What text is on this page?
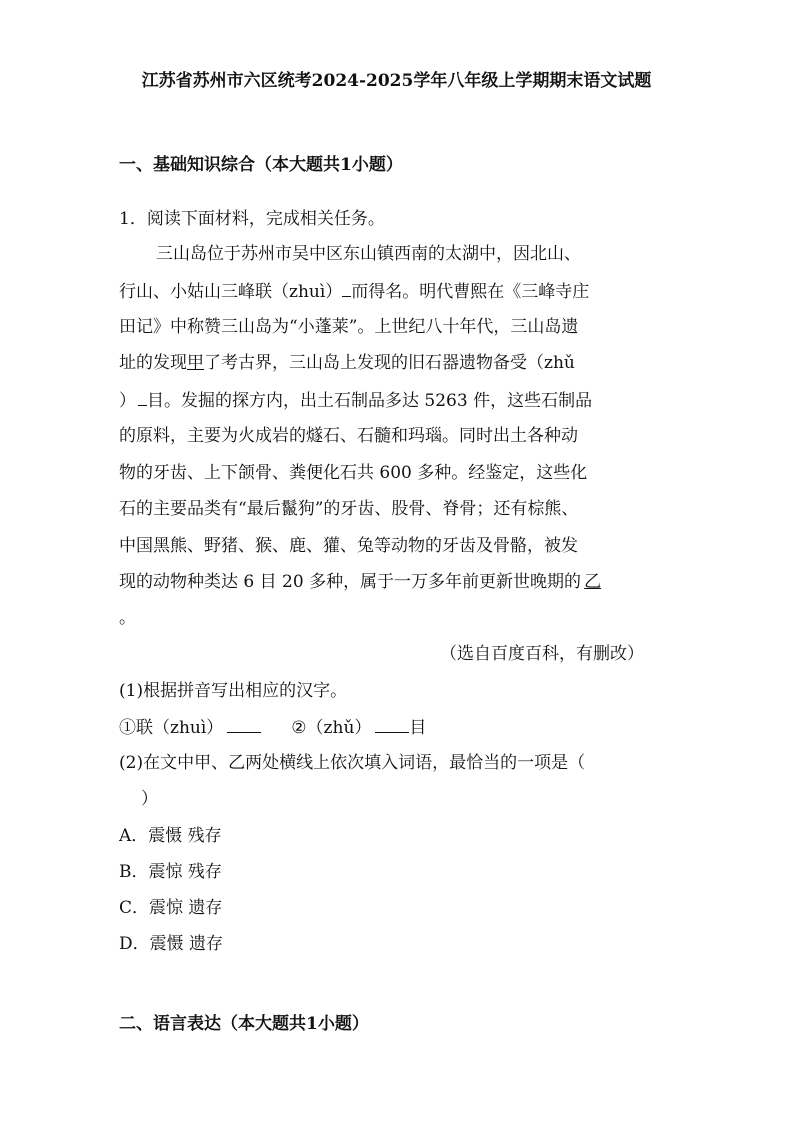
江苏省苏州市六区统考2024-2025学年八年级上学期期末语文试题
一、基础知识综合（本大题共1小题）
1．阅读下面材料，完成相关任务。
三山岛位于苏州市吴中区东山镇西南的太湖中，因北山、
行山、小姑山三峰联（zhuì） 而得名。明代曹熙在《三峰寺庄
田记》中称赞三山岛为“小蓬莱”。上世纪八十年代，三山岛遗
址的发现甲了考古界，三山岛上发现的旧石器遗物备受（zhǔ
） 目。发掘的探方内，出土石制品多达 5263 件，这些石制品
的原料，主要为火成岩的燧石、石髓和玛瑙。同时出土各种动
物的牙齿、上下颌骨、粪便化石共 600 多种。经鉴定，这些化
石的主要品类有“最后鬣狗”的牙齿、股骨、脊骨；还有棕熊、
中国黑熊、野猪、猴、鹿、獾、兔等动物的牙齿及骨骼，被发
现的动物种类达 6 目 20 多种，属于一万多年前更新世晚期的 乙
。
（选自百度百科，有删改）
(1)根据拼音写出相应的汉字。
①联（zhuì）	②（zhǔ） 目
(2)在文中甲、乙两处横线上依次填入词语，最恰当的一项是（
）
A．震慑 残存
B．震惊 残存
C．震惊 遗存
D．震慑 遗存
二、语言表达（本大题共1小题）
